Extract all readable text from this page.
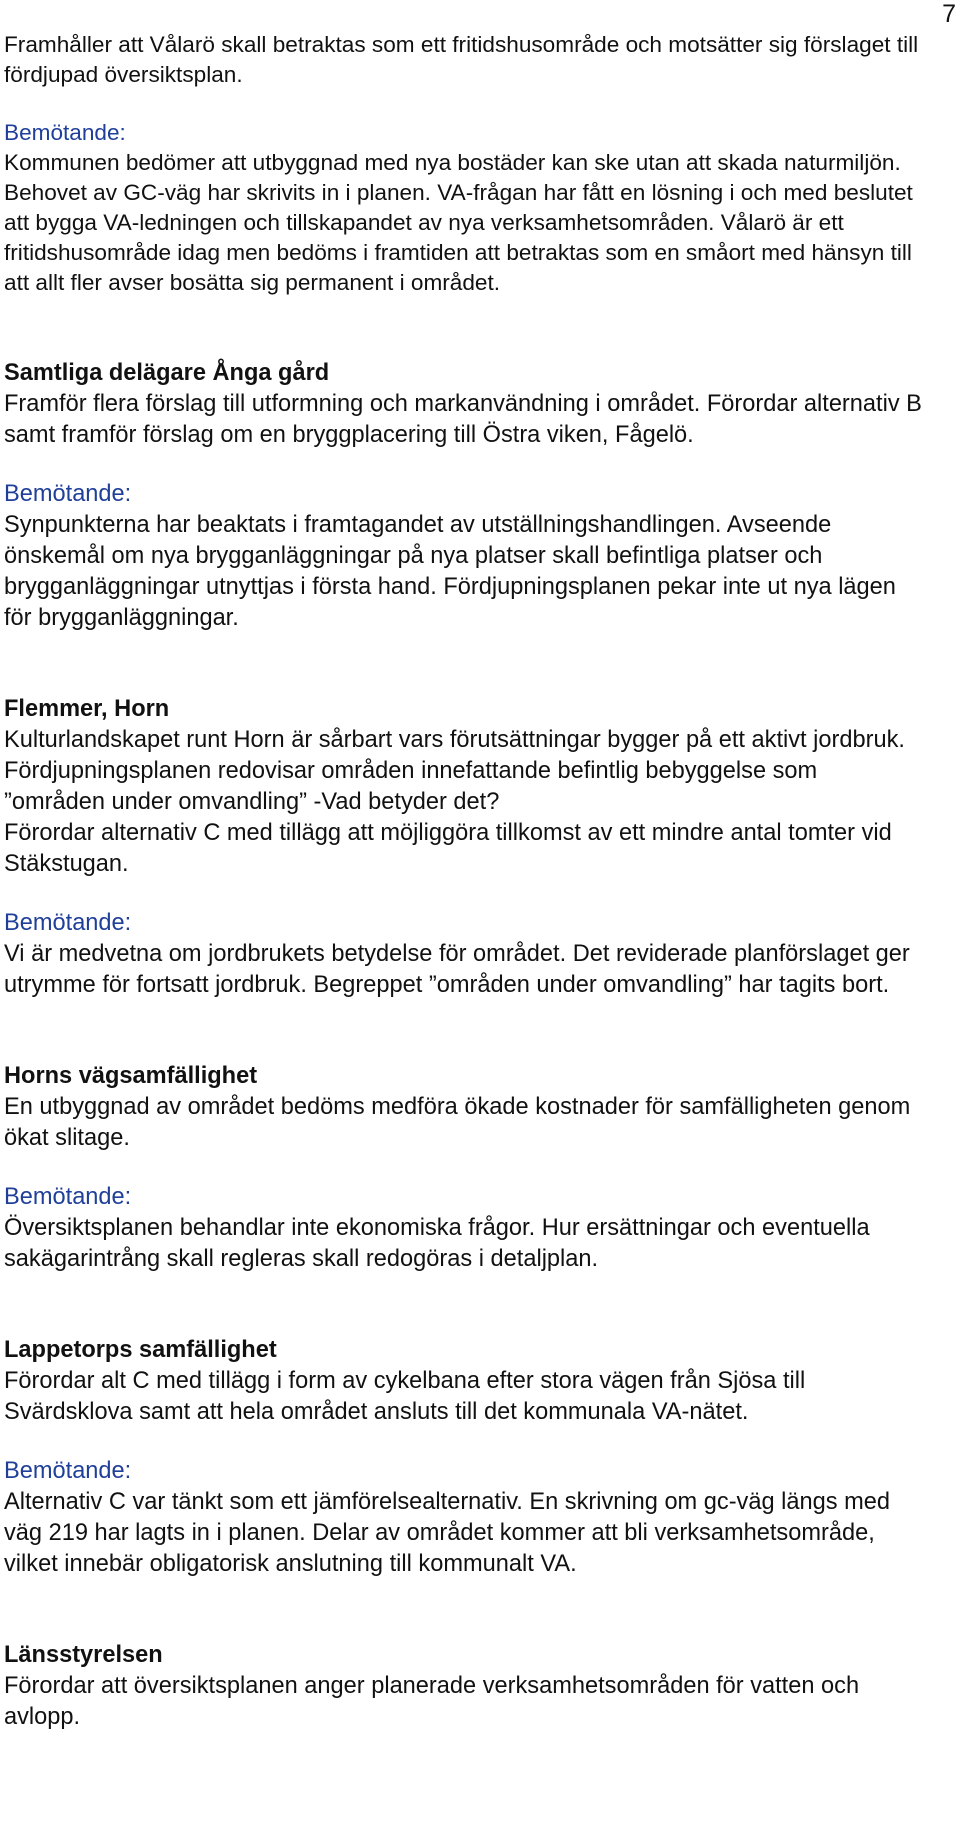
7

Framhåller att Vålarö skall betraktas som ett fritidshusområde och motsätter sig förslaget till fördjupad översiktsplan.

Bemötande:

Kommunen bedömer att utbyggnad med nya bostäder kan ske utan att skada naturmiljön. Behovet av GC-väg har skrivits in i planen. VA-frågan har fått en lösning i och med beslutet att bygga VA-ledningen och tillskapandet av nya verksamhetsområden. Vålarö är ett fritidshusområde idag men bedöms i framtiden att betraktas som en småort med hänsyn till att allt fler avser bosätta sig permanent i området.

Samtliga delägare Ånga gård

Framför flera förslag till utformning och markanvändning i området. Förordar alternativ B samt framför förslag om en bryggplacering till Östra viken, Fågelö.

Bemötande:

Synpunkterna har beaktats i framtagandet av utställningshandlingen. Avseende önskemål om nya brygganläggningar på nya platser skall befintliga platser och brygganläggningar utnyttjas i första hand. Fördjupningsplanen pekar inte ut nya lägen för brygganläggningar.

Flemmer, Horn

Kulturlandskapet runt Horn är sårbart vars förutsättningar bygger på ett aktivt jordbruk. Fördjupningsplanen redovisar områden innefattande befintlig bebyggelse som ”områden under omvandling” -Vad betyder det?

Förordar alternativ C med tillägg att möjliggöra tillkomst av ett mindre antal tomter vid Stäkstugan.

Bemötande:

Vi är medvetna om jordbrukets betydelse för området. Det reviderade planförslaget ger utrymme för fortsatt jordbruk. Begreppet ”områden under omvandling” har tagits bort.

Horns vägsamfällighet

En utbyggnad av området bedöms medföra ökade kostnader för samfälligheten genom ökat slitage.

Bemötande:

Översiktsplanen behandlar inte ekonomiska frågor. Hur ersättningar och eventuella sakägarintrång skall regleras skall redogöras i detaljplan.

Lappetorps samfällighet

Förordar alt C med tillägg i form av cykelbana efter stora vägen från Sjösa till Svärdsklova samt att hela området ansluts till det kommunala VA-nätet.

Bemötande:

Alternativ C var tänkt som ett jämförelsealternativ. En skrivning om gc-väg längs med väg 219 har lagts in i planen. Delar av området kommer att bli verksamhetsområde, vilket innebär obligatorisk anslutning till kommunalt VA.

Länsstyrelsen

Förordar att översiktsplanen anger planerade verksamhetsområden för vatten och avlopp.
